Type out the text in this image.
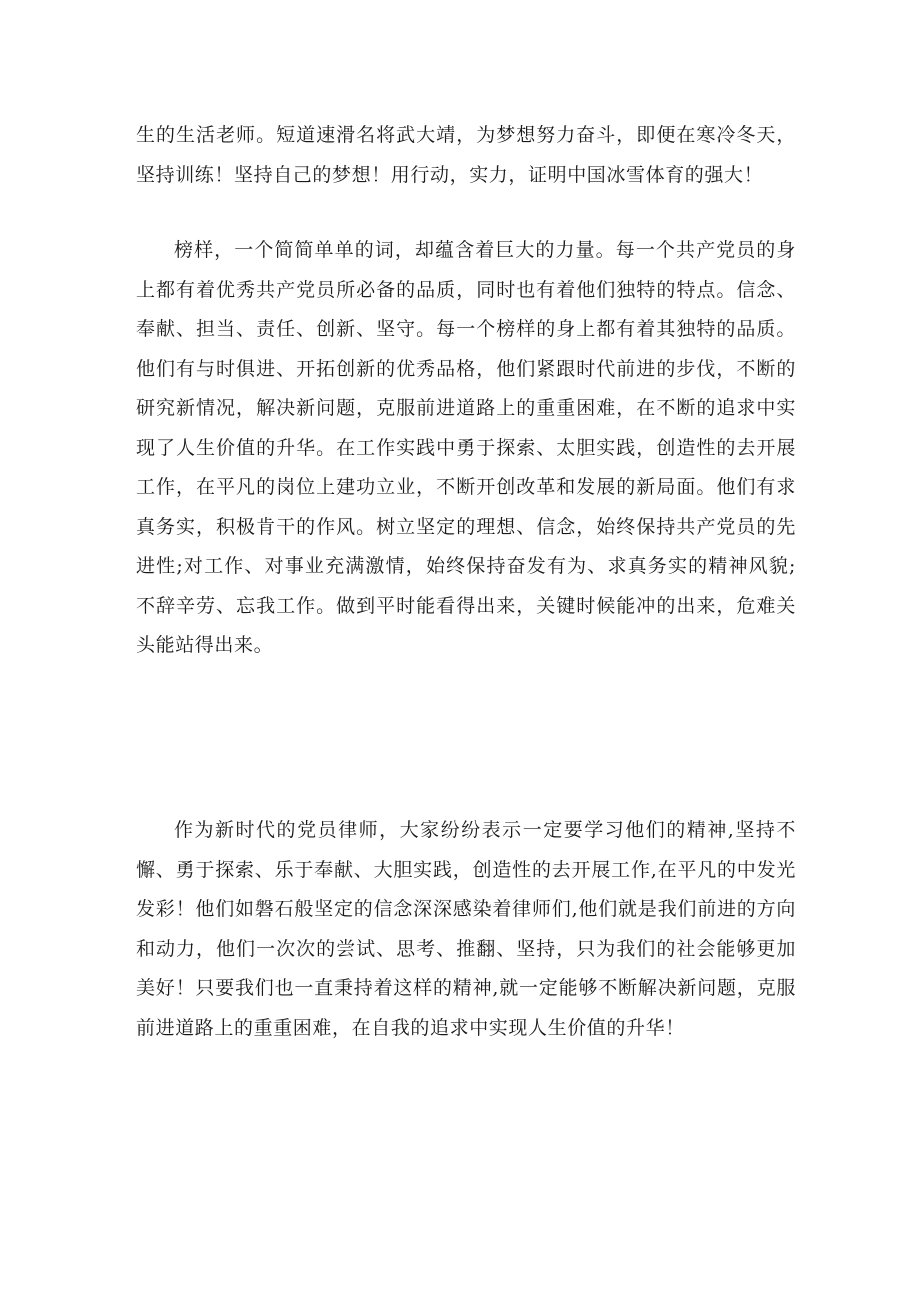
生的生活老师。短道速滑名将武大靖，为梦想努力奋斗，即便在寒冷冬天，坚持训练！坚持自己的梦想！用行动，实力，证明中国冰雪体育的强大！

榜样，一个简简单单的词，却蕴含着巨大的力量。每一个共产党员的身上都有着优秀共产党员所必备的品质，同时也有着他们独特的特点。信念、奉献、担当、责任、创新、坚守。每一个榜样的身上都有着其独特的品质。他们有与时俱进、开拓创新的优秀品格，他们紧跟时代前进的步伐，不断的研究新情况，解决新问题，克服前进道路上的重重困难，在不断的追求中实现了人生价值的升华。在工作实践中勇于探索、太胆实践，创造性的去开展工作，在平凡的岗位上建功立业，不断开创改革和发展的新局面。他们有求真务实，积极肯干的作风。树立坚定的理想、信念，始终保持共产党员的先进性;对工作、对事业充满激情，始终保持奋发有为、求真务实的精神风貌;不辞辛劳、忘我工作。做到平时能看得出来，关键时候能冲的出来，危难关头能站得出来。

作为新时代的党员律师，大家纷纷表示一定要学习他们的精神,坚持不懈、勇于探索、乐于奉献、大胆实践，创造性的去开展工作,在平凡的中发光发彩！他们如磐石般坚定的信念深深感染着律师们,他们就是我们前进的方向和动力，他们一次次的尝试、思考、推翻、坚持，只为我们的社会能够更加美好！只要我们也一直秉持着这样的精神,就一定能够不断解决新问题，克服前进道路上的重重困难，在自我的追求中实现人生价值的升华！
